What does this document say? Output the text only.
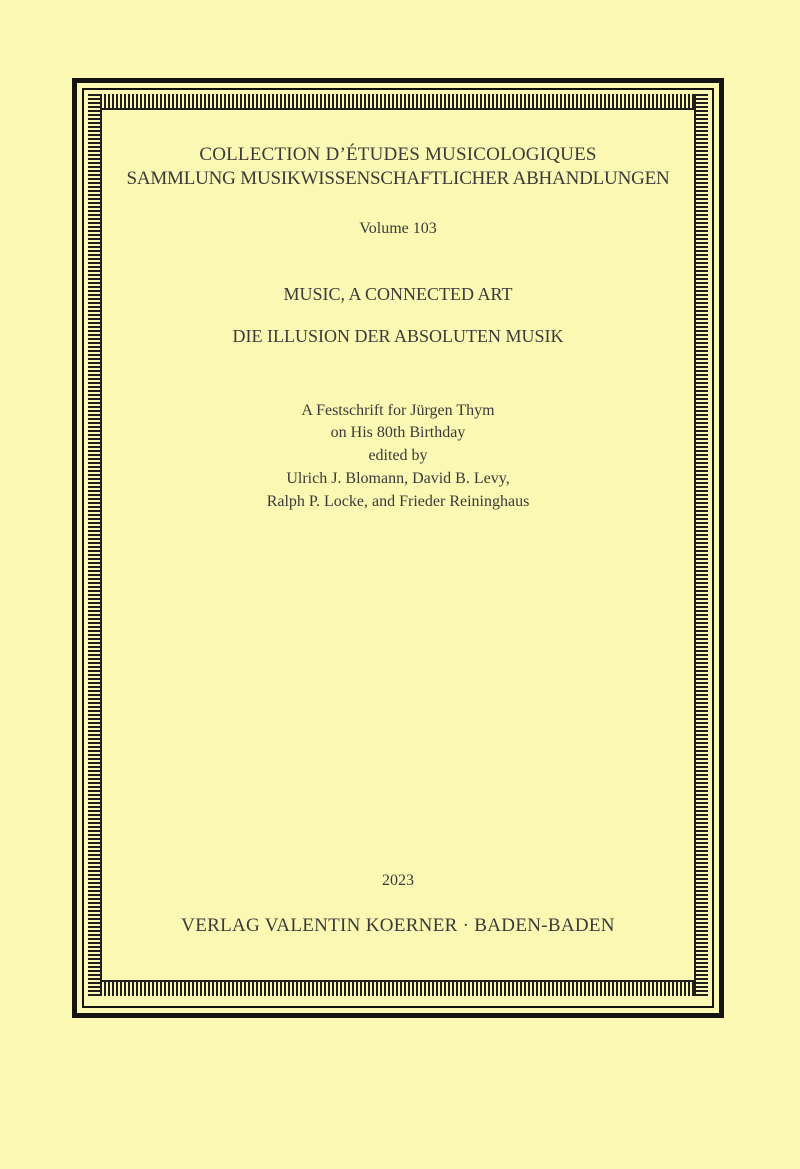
COLLECTION D’ÉTUDES MUSICOLOGIQUES
SAMMLUNG MUSIKWISSENSCHAFTLICHER ABHANDLUNGEN
Volume 103
MUSIC, A CONNECTED ART
DIE ILLUSION DER ABSOLUTEN MUSIK
A Festschrift for Jürgen Thym
on His 80th Birthday
edited by
Ulrich J. Blomann, David B. Levy,
Ralph P. Locke, and Frieder Reininghaus
2023
VERLAG VALENTIN KOERNER · BADEN-BADEN
